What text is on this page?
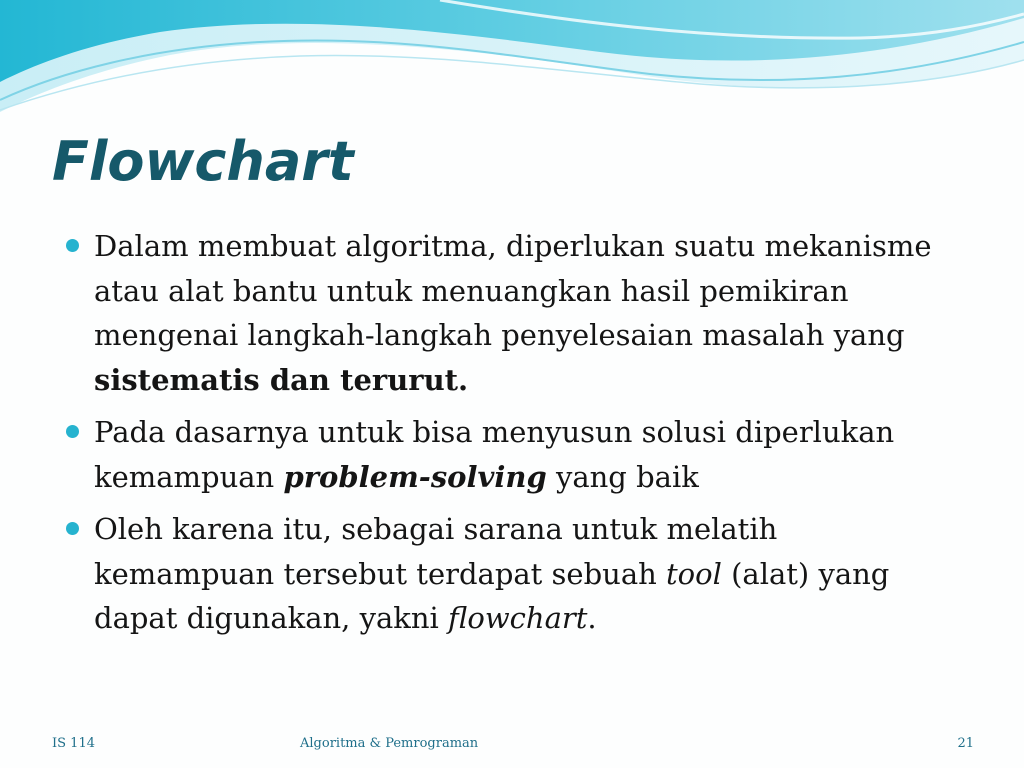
Flowchart
Dalam membuat algoritma, diperlukan suatu mekanisme atau alat bantu untuk menuangkan hasil pemikiran mengenai langkah-langkah penyelesaian masalah yang sistematis dan terurut.
Pada dasarnya untuk bisa menyusun solusi diperlukan kemampuan problem-solving yang baik
Oleh karena itu, sebagai sarana untuk melatih kemampuan tersebut terdapat sebuah tool (alat) yang dapat digunakan, yakni flowchart.
IS 114	Algoritma & Pemrograman	21
